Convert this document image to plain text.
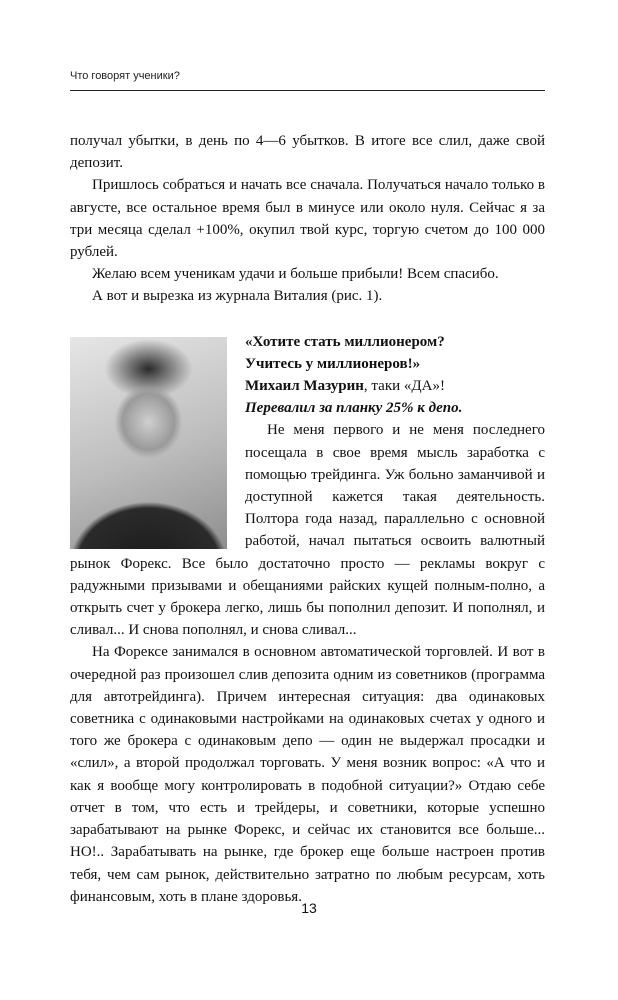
Что говорят ученики?

получал убытки, в день по 4—6 убытков. В итоге все слил, даже свой депозит.

Пришлось собраться и начать все сначала. Получаться начало только в августе, все остальное время был в минусе или около нуля. Сейчас я за три месяца сделал +100%, окупил твой курс, торгую счетом до 100 000 рублей.

Желаю всем ученикам удачи и больше прибыли! Всем спасибо.

А вот и вырезка из журнала Виталия (рис. 1).

«Хотите стать миллионером?

Учитесь у миллионеров!»

Михаил Мазурин, таки «ДА»!

Перевалил за планку 25% к депо.

Не меня первого и не меня последнего посещала в свое время мысль заработка с помощью трейдинга. Уж больно заманчивой и доступной кажется такая деятельность. Полтора года назад, параллельно с основной работой, начал пытаться освоить валютный рынок Форекс. Все было достаточно просто — рекламы вокруг с радужными призывами и обещаниями райских кущей полным-полно, а открыть счет у брокера легко, лишь бы пополнил депозит. И пополнял, и сливал... И снова пополнял, и снова сливал...

На Форексе занимался в основном автоматической торговлей. И вот в очередной раз произошел слив депозита одним из советников (программа для автотрейдинга). Причем интересная ситуация: два одинаковых советника с одинаковыми настройками на одинаковых счетах у одного и того же брокера с одинаковым депо — один не выдержал просадки и «слил», а второй продолжал торговать. У меня возник вопрос: «А что и как я вообще могу контролировать в подобной ситуации?» Отдаю себе отчет в том, что есть и трейдеры, и советники, которые успешно зарабатывают на рынке Форекс, и сейчас их становится все больше... НО!.. Зарабатывать на рынке, где брокер еще больше настроен против тебя, чем сам рынок, действительно затратно по любым ресурсам, хоть финансовым, хоть в плане здоровья.

13
